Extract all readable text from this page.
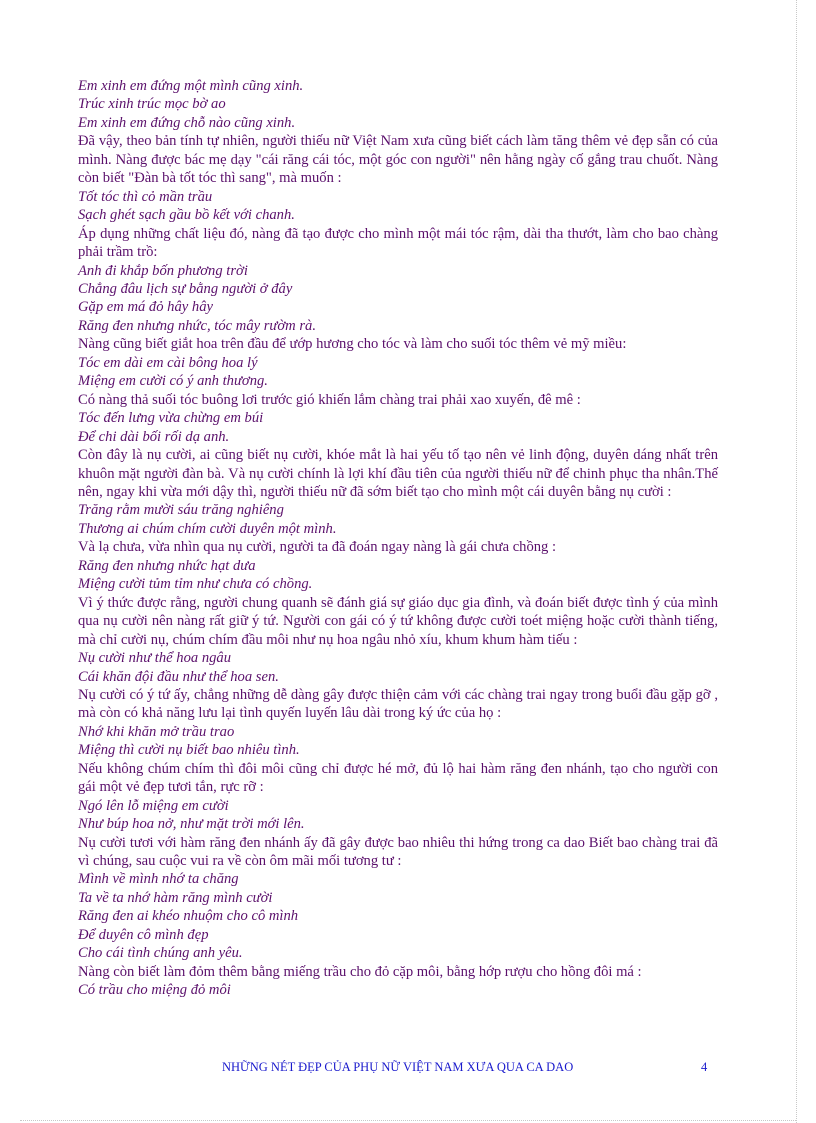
Em xinh em đứng một mình cũng xinh.

Trúc xinh trúc mọc bờ ao

Em xinh em đứng chỗ nào cũng xinh.

Đã vậy, theo bản tính tự nhiên, người thiếu nữ Việt Nam xưa cũng biết cách làm tăng thêm vẻ đẹp sẵn có của mình. Nàng được bác mẹ dạy "cái răng cái tóc, một góc con người" nên hằng ngày cố gắng trau chuốt. Nàng còn biết "Đàn bà tốt tóc thì sang", mà muốn :

Tốt tóc thì cỏ mần trầu

Sạch ghét sạch gầu bồ kết với chanh.

Áp dụng những chất liệu đó, nàng đã tạo được cho mình một mái tóc rậm, dài tha thướt, làm cho bao chàng phải trầm trồ:

Anh đi khắp bốn phương trời

Chẳng đâu lịch sự bằng người ở đây

Gặp em má đỏ hây hây

Răng đen nhưng nhức, tóc mây rườm rà.

Nàng cũng biết giắt hoa trên đầu để ướp hương cho tóc và làm cho suối tóc thêm vẻ mỹ miều:

Tóc em dài em cài bông hoa lý

Miệng em cười có ý anh thương.

Có nàng thả suối tóc buông lơi trước gió khiến lắm chàng trai phải xao xuyến, đê mê :

Tóc đến lưng vừa chừng em búi

Để chi dài bối rối dạ anh.

Còn đây là nụ cười, ai cũng biết nụ cười, khóe mắt là hai yếu tố tạo nên vẻ linh động, duyên dáng nhất trên khuôn mặt người đàn bà. Và nụ cười chính là lợi khí đầu tiên của người thiếu nữ để chinh phục tha nhân.Thế nên, ngay khi vừa mới dậy thì, người thiếu nữ đã sớm biết tạo cho mình một cái duyên bằng nụ cười :

Trăng rằm mười sáu trăng nghiêng

Thương ai chúm chím cười duyên một mình.

Và lạ chưa, vừa nhìn qua nụ cười, người ta đã đoán ngay nàng là gái chưa chồng :

Răng đen nhưng nhức hạt dưa

Miệng cười tủm tỉm như chưa có chồng.

Vì ý thức được rằng, người chung quanh sẽ đánh giá sự giáo dục gia đình, và đoán biết được tình ý của mình qua nụ cười nên nàng rất giữ ý tứ. Người con gái có ý tứ không được cười toét miệng hoặc cười thành tiếng, mà chỉ cười nụ, chúm chím đầu môi như nụ hoa ngâu nhỏ xíu, khum khum hàm tiếu :

Nụ cười như thể hoa ngâu

Cái khăn đội đầu như thể hoa sen.

Nụ cười có ý tứ ấy, chẳng những dễ dàng gây được thiện cảm với các chàng trai ngay trong buổi đầu gặp gỡ , mà còn có khả năng lưu lại tình quyến luyến lâu dài trong ký ức của họ :

Nhớ khi khăn mở trầu trao

Miệng thì cười nụ biết bao nhiêu tình.

Nếu không chúm chím thì đôi môi cũng chỉ được hé mở, đủ lộ hai hàm răng đen nhánh, tạo cho người con gái một vẻ đẹp tươi tắn, rực rỡ :

Ngó lên lỗ miệng em cười

Như búp hoa nở, như mặt trời mới lên.

Nụ cười tươi với hàm răng đen nhánh ấy đã gây được bao nhiêu thi hứng trong ca dao Biết bao chàng trai đã vì chúng, sau cuộc vui ra về còn ôm mãi mối tương tư :

Mình về mình nhớ ta chăng

Ta về ta nhớ hàm răng mình cười

Răng đen ai khéo nhuộm cho cô mình

Để duyên cô mình đẹp

Cho cái tình chúng anh yêu.

Nàng còn biết làm đỏm thêm bằng miếng trầu cho đỏ cặp môi, bằng hớp rượu cho hồng đôi má :

Có trầu cho miệng đỏ môi

NHỮNG NÉT ĐẸP CỦA PHỤ NỮ VIỆT NAM XƯA QUA CA DAO	4
